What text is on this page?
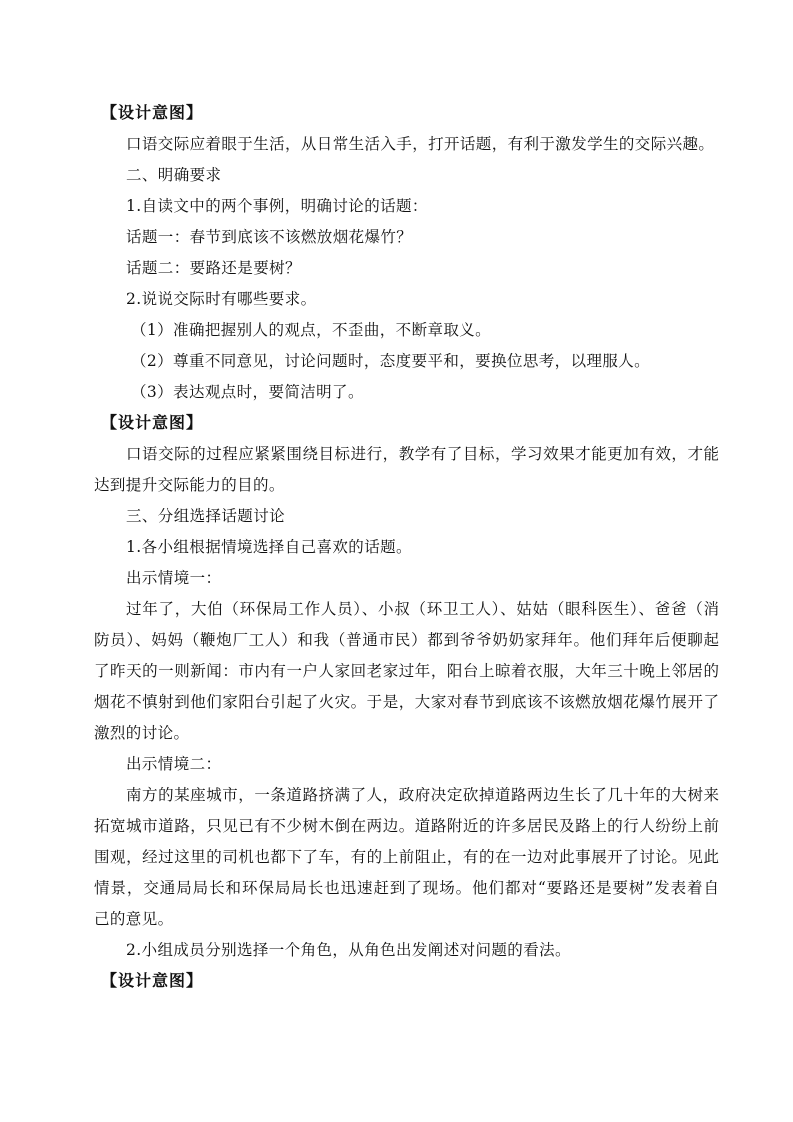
【设计意图】
口语交际应着眼于生活，从日常生活入手，打开话题，有利于激发学生的交际兴趣。
二、明确要求
1.自读文中的两个事例，明确讨论的话题：
话题一：春节到底该不该燃放烟花爆竹？
话题二：要路还是要树？
2.说说交际时有哪些要求。
（1）准确把握别人的观点，不歪曲，不断章取义。
（2）尊重不同意见，讨论问题时，态度要平和，要换位思考，以理服人。
（3）表达观点时，要简洁明了。
【设计意图】
口语交际的过程应紧紧围绕目标进行，教学有了目标，学习效果才能更加有效，才能
达到提升交际能力的目的。
三、分组选择话题讨论
1.各小组根据情境选择自己喜欢的话题。
出示情境一：
过年了，大伯（环保局工作人员）、小叔（环卫工人）、姑姑（眼科医生）、爸爸（消
防员）、妈妈（鞭炮厂工人）和我（普通市民）都到爷爷奶奶家拜年。他们拜年后便聊起
了昨天的一则新闻：市内有一户人家回老家过年，阳台上晾着衣服，大年三十晚上邻居的
烟花不慎射到他们家阳台引起了火灾。于是，大家对春节到底该不该燃放烟花爆竹展开了
激烈的讨论。
出示情境二：
南方的某座城市，一条道路挤满了人，政府决定砍掉道路两边生长了几十年的大树来
拓宽城市道路，只见已有不少树木倒在两边。道路附近的许多居民及路上的行人纷纷上前
围观，经过这里的司机也都下了车，有的上前阻止，有的在一边对此事展开了讨论。见此
情景，交通局局长和环保局局长也迅速赶到了现场。他们都对“要路还是要树”发表着自
己的意见。
2.小组成员分别选择一个角色，从角色出发阐述对问题的看法。
【设计意图】
